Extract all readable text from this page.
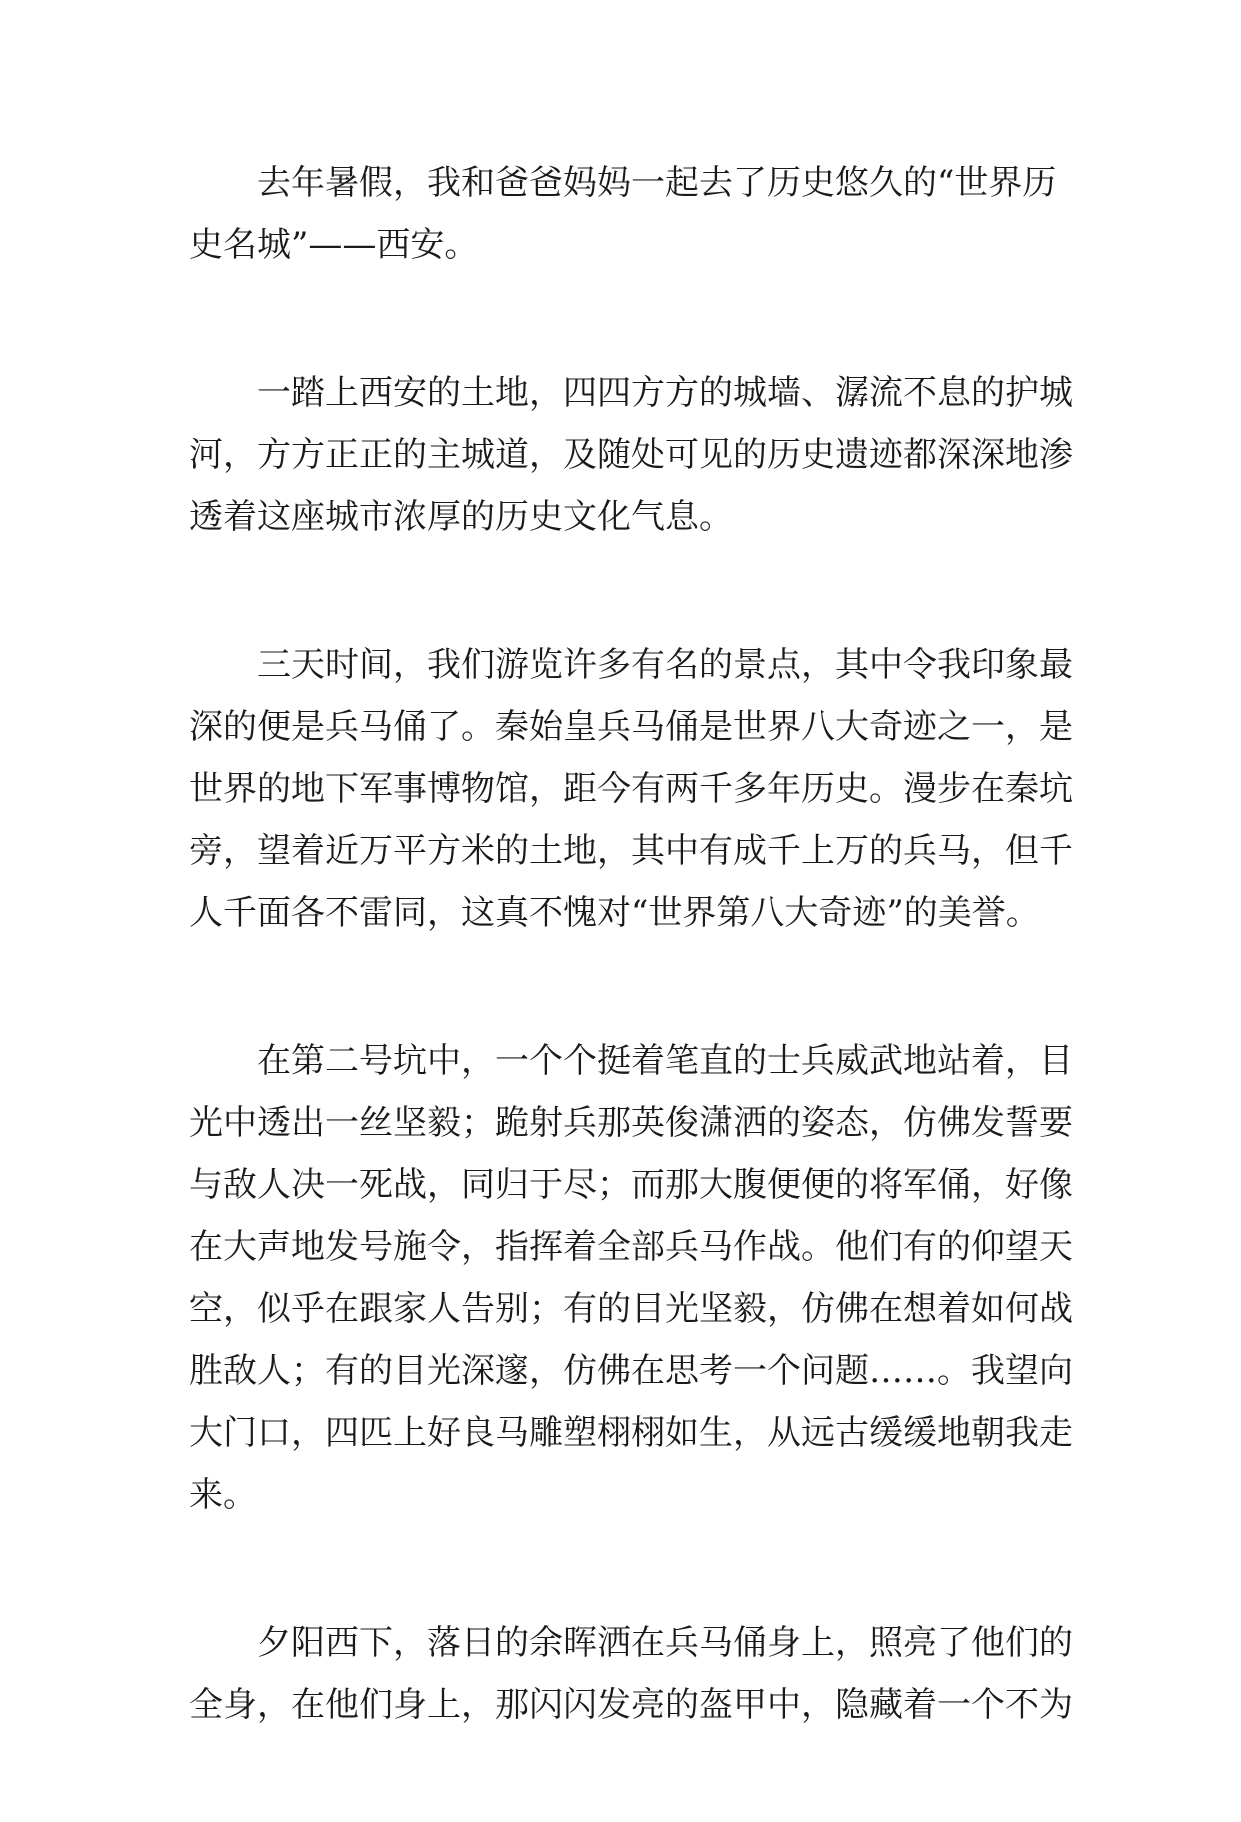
去年暑假，我和爸爸妈妈一起去了历史悠久的“世界历
史名城”——西安。
一踏上西安的土地，四四方方的城墙、潺流不息的护城
河，方方正正的主城道，及随处可见的历史遗迹都深深地渗
透着这座城市浓厚的历史文化气息。
三天时间，我们游览许多有名的景点，其中令我印象最
深的便是兵马俑了。秦始皇兵马俑是世界八大奇迹之一，是
世界的地下军事博物馆，距今有两千多年历史。漫步在秦坑
旁，望着近万平方米的土地，其中有成千上万的兵马，但千
人千面各不雷同，这真不愧对“世界第八大奇迹”的美誉。
在第二号坑中，一个个挺着笔直的士兵威武地站着，目
光中透出一丝坚毅；跪射兵那英俊潇洒的姿态，仿佛发誓要
与敌人决一死战，同归于尽；而那大腹便便的将军俑，好像
在大声地发号施令，指挥着全部兵马作战。他们有的仰望天
空，似乎在跟家人告别；有的目光坚毅，仿佛在想着如何战
胜敌人；有的目光深邃，仿佛在思考一个问题……。我望向
大门口，四匹上好良马雕塑栩栩如生，从远古缓缓地朝我走
来。
夕阳西下，落日的余晖洒在兵马俑身上，照亮了他们的
全身，在他们身上，那闪闪发亮的盔甲中，隐藏着一个不为
